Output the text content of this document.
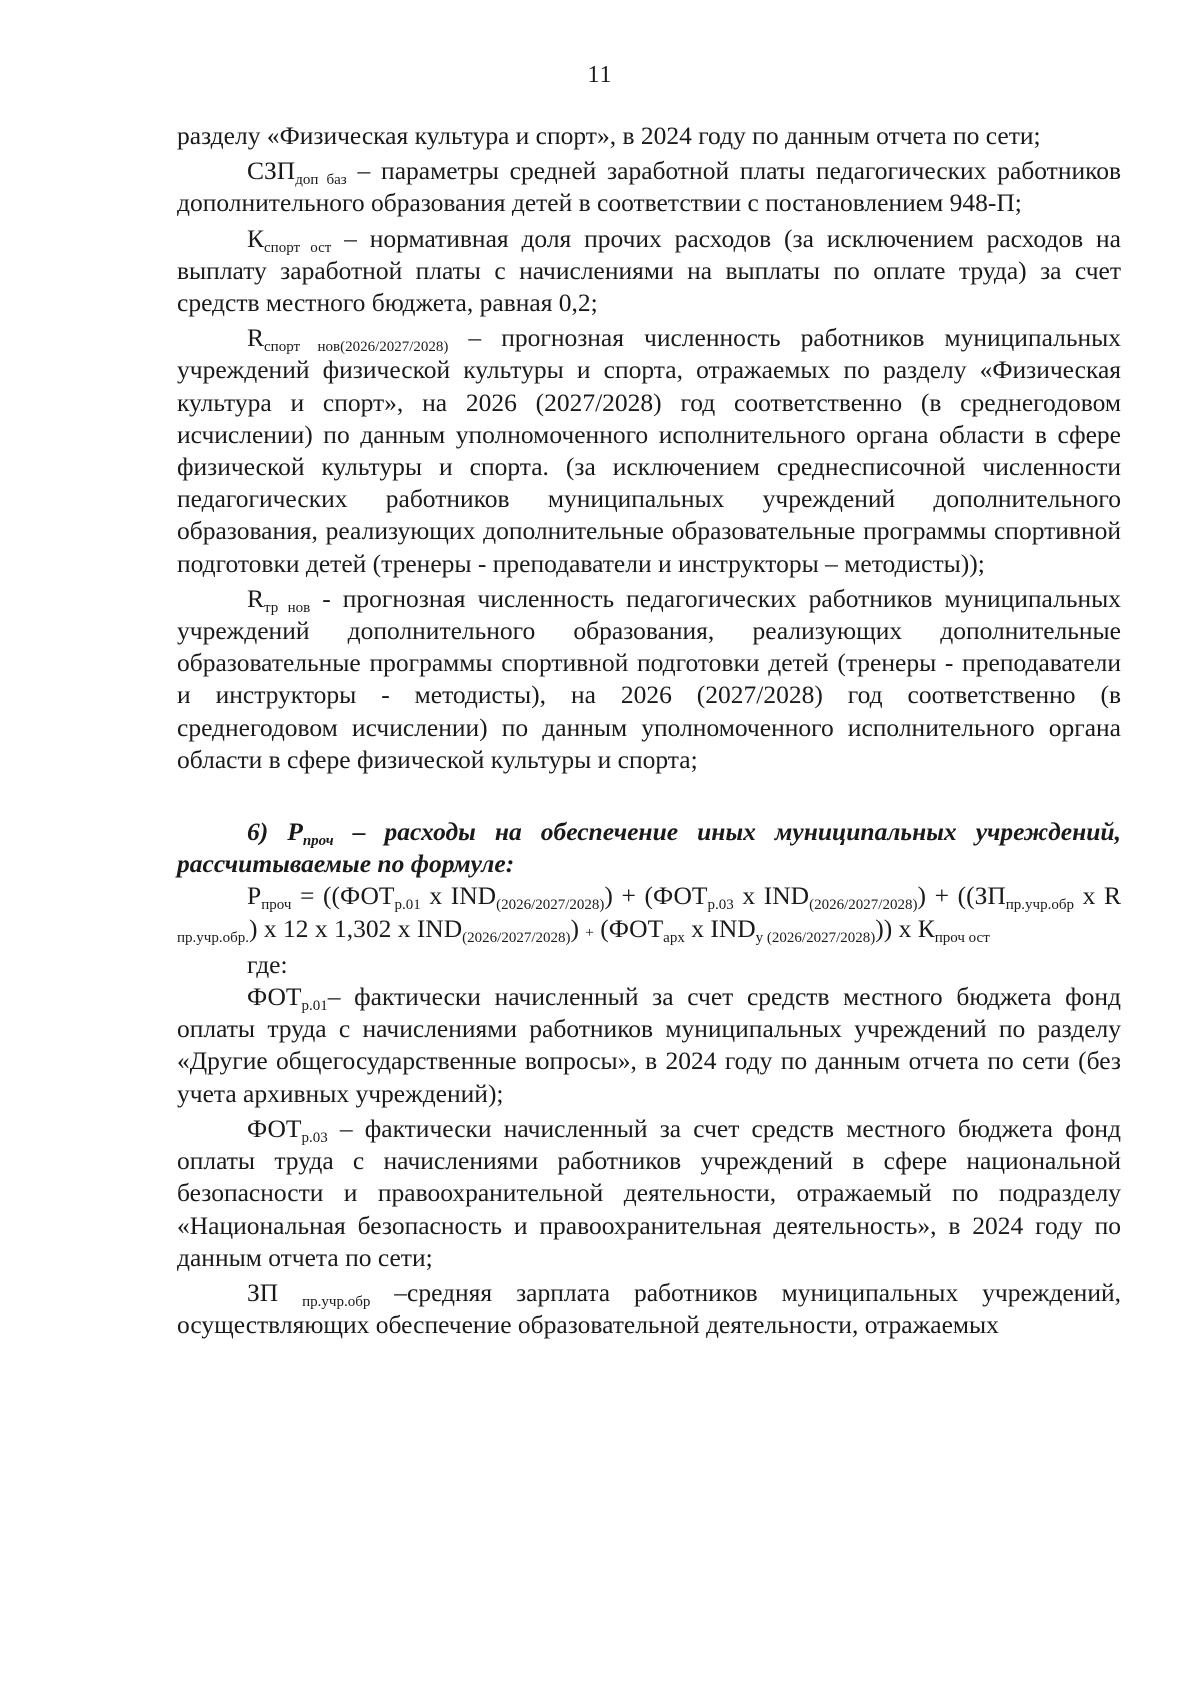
11

разделу «Физическая культура и спорт», в 2024 году по данным отчета по сети;

$СЗП_{доп баз}$ – параметры средней заработной платы педагогических работников дополнительного образования детей в соответствии с постановлением 948-П;

$К_{спорт ост}$ – нормативная доля прочих расходов (за исключением расходов на выплату заработной платы с начислениями на выплаты по оплате труда) за счет средств местного бюджета, равная 0,2;

$R_{спорт нов(2026/2027/2028)}$ – прогнозная численность работников муниципальных учреждений физической культуры и спорта, отражаемых по разделу «Физическая культура и спорт», на 2026 (2027/2028) год соответственно (в среднегодовом исчислении) по данным уполномоченного исполнительного органа области в сфере физической культуры и спорта. (за исключением среднесписочной численности педагогических работников муниципальных учреждений дополнительного образования, реализующих дополнительные образовательные программы спортивной подготовки детей (тренеры - преподаватели и инструкторы – методисты));

$R_{тр нов}$ - прогнозная численность педагогических работников муниципальных учреждений дополнительного образования, реализующих дополнительные образовательные программы спортивной подготовки детей (тренеры - преподаватели и инструкторы - методисты), на 2026 (2027/2028) год соответственно (в среднегодовом исчислении) по данным уполномоченного исполнительного органа области в сфере физической культуры и спорта;

6) $Р_{проч}$ – расходы на обеспечение иных муниципальных учреждений, рассчитываемые по формуле:

$Р_{проч} = ((ФОТ_{р.01}$ х $IND_{(2026/2027/2028)}) + (ФОТ_{р.03}$ х $IND_{(2026/2027/2028)}) + ((ЗП_{пр.учр.обр}$ х R $_{пр.учр.обр.}$) х 12 х 1,302 х $IND_{(2026/2027/2028)}) + (ФОТ_{арх}$ х $IND_{y (2026/2027/2028)}$)) х $К_{проч ост}$

где:

$ФОТ_{р.01}-$ фактически начисленный за счет средств местного бюджета фонд оплаты труда с начислениями работников муниципальных учреждений по разделу «Другие общегосударственные вопросы», в 2024 году по данным отчета по сети (без учета архивных учреждений);

$ФОТ_{р.03}$ – фактически начисленный за счет средств местного бюджета фонд оплаты труда с начислениями работников учреждений в сфере национальной безопасности и правоохранительной деятельности, отражаемый по подразделу «Национальная безопасность и правоохранительная деятельность», в 2024 году по данным отчета по сети;

ЗП $_{пр.учр.обр}$ –средняя зарплата работников муниципальных учреждений, осуществляющих обеспечение образовательной деятельности, отражаемых
